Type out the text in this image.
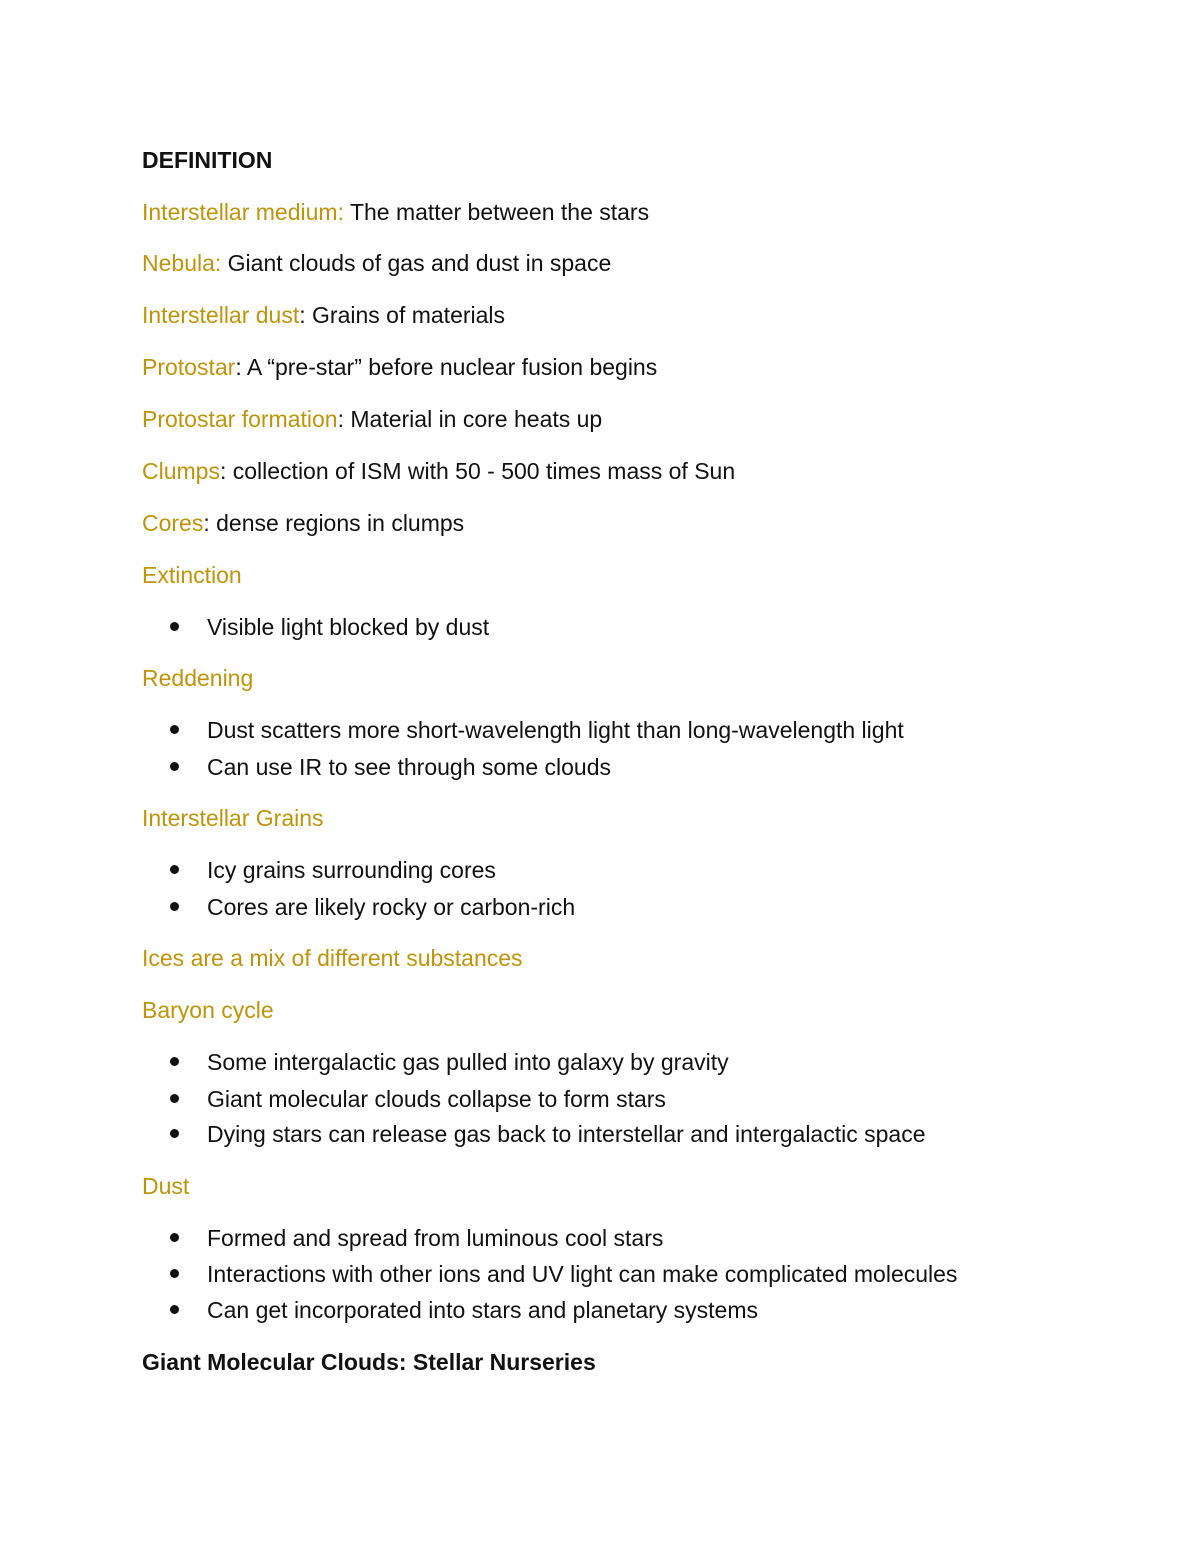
DEFINITION
Interstellar medium: The matter between the stars
Nebula: Giant clouds of gas and dust in space
Interstellar dust: Grains of materials
Protostar: A “pre-star” before nuclear fusion begins
Protostar formation: Material in core heats up
Clumps: collection of ISM with 50 - 500 times mass of Sun
Cores: dense regions in clumps
Extinction
Visible light blocked by dust
Reddening
Dust scatters more short-wavelength light than long-wavelength light
Can use IR to see through some clouds
Interstellar Grains
Icy grains surrounding cores
Cores are likely rocky or carbon-rich
Ices are a mix of different substances
Baryon cycle
Some intergalactic gas pulled into galaxy by gravity
Giant molecular clouds collapse to form stars
Dying stars can release gas back to interstellar and intergalactic space
Dust
Formed and spread from luminous cool stars
Interactions with other ions and UV light can make complicated molecules
Can get incorporated into stars and planetary systems
Giant Molecular Clouds: Stellar Nurseries
